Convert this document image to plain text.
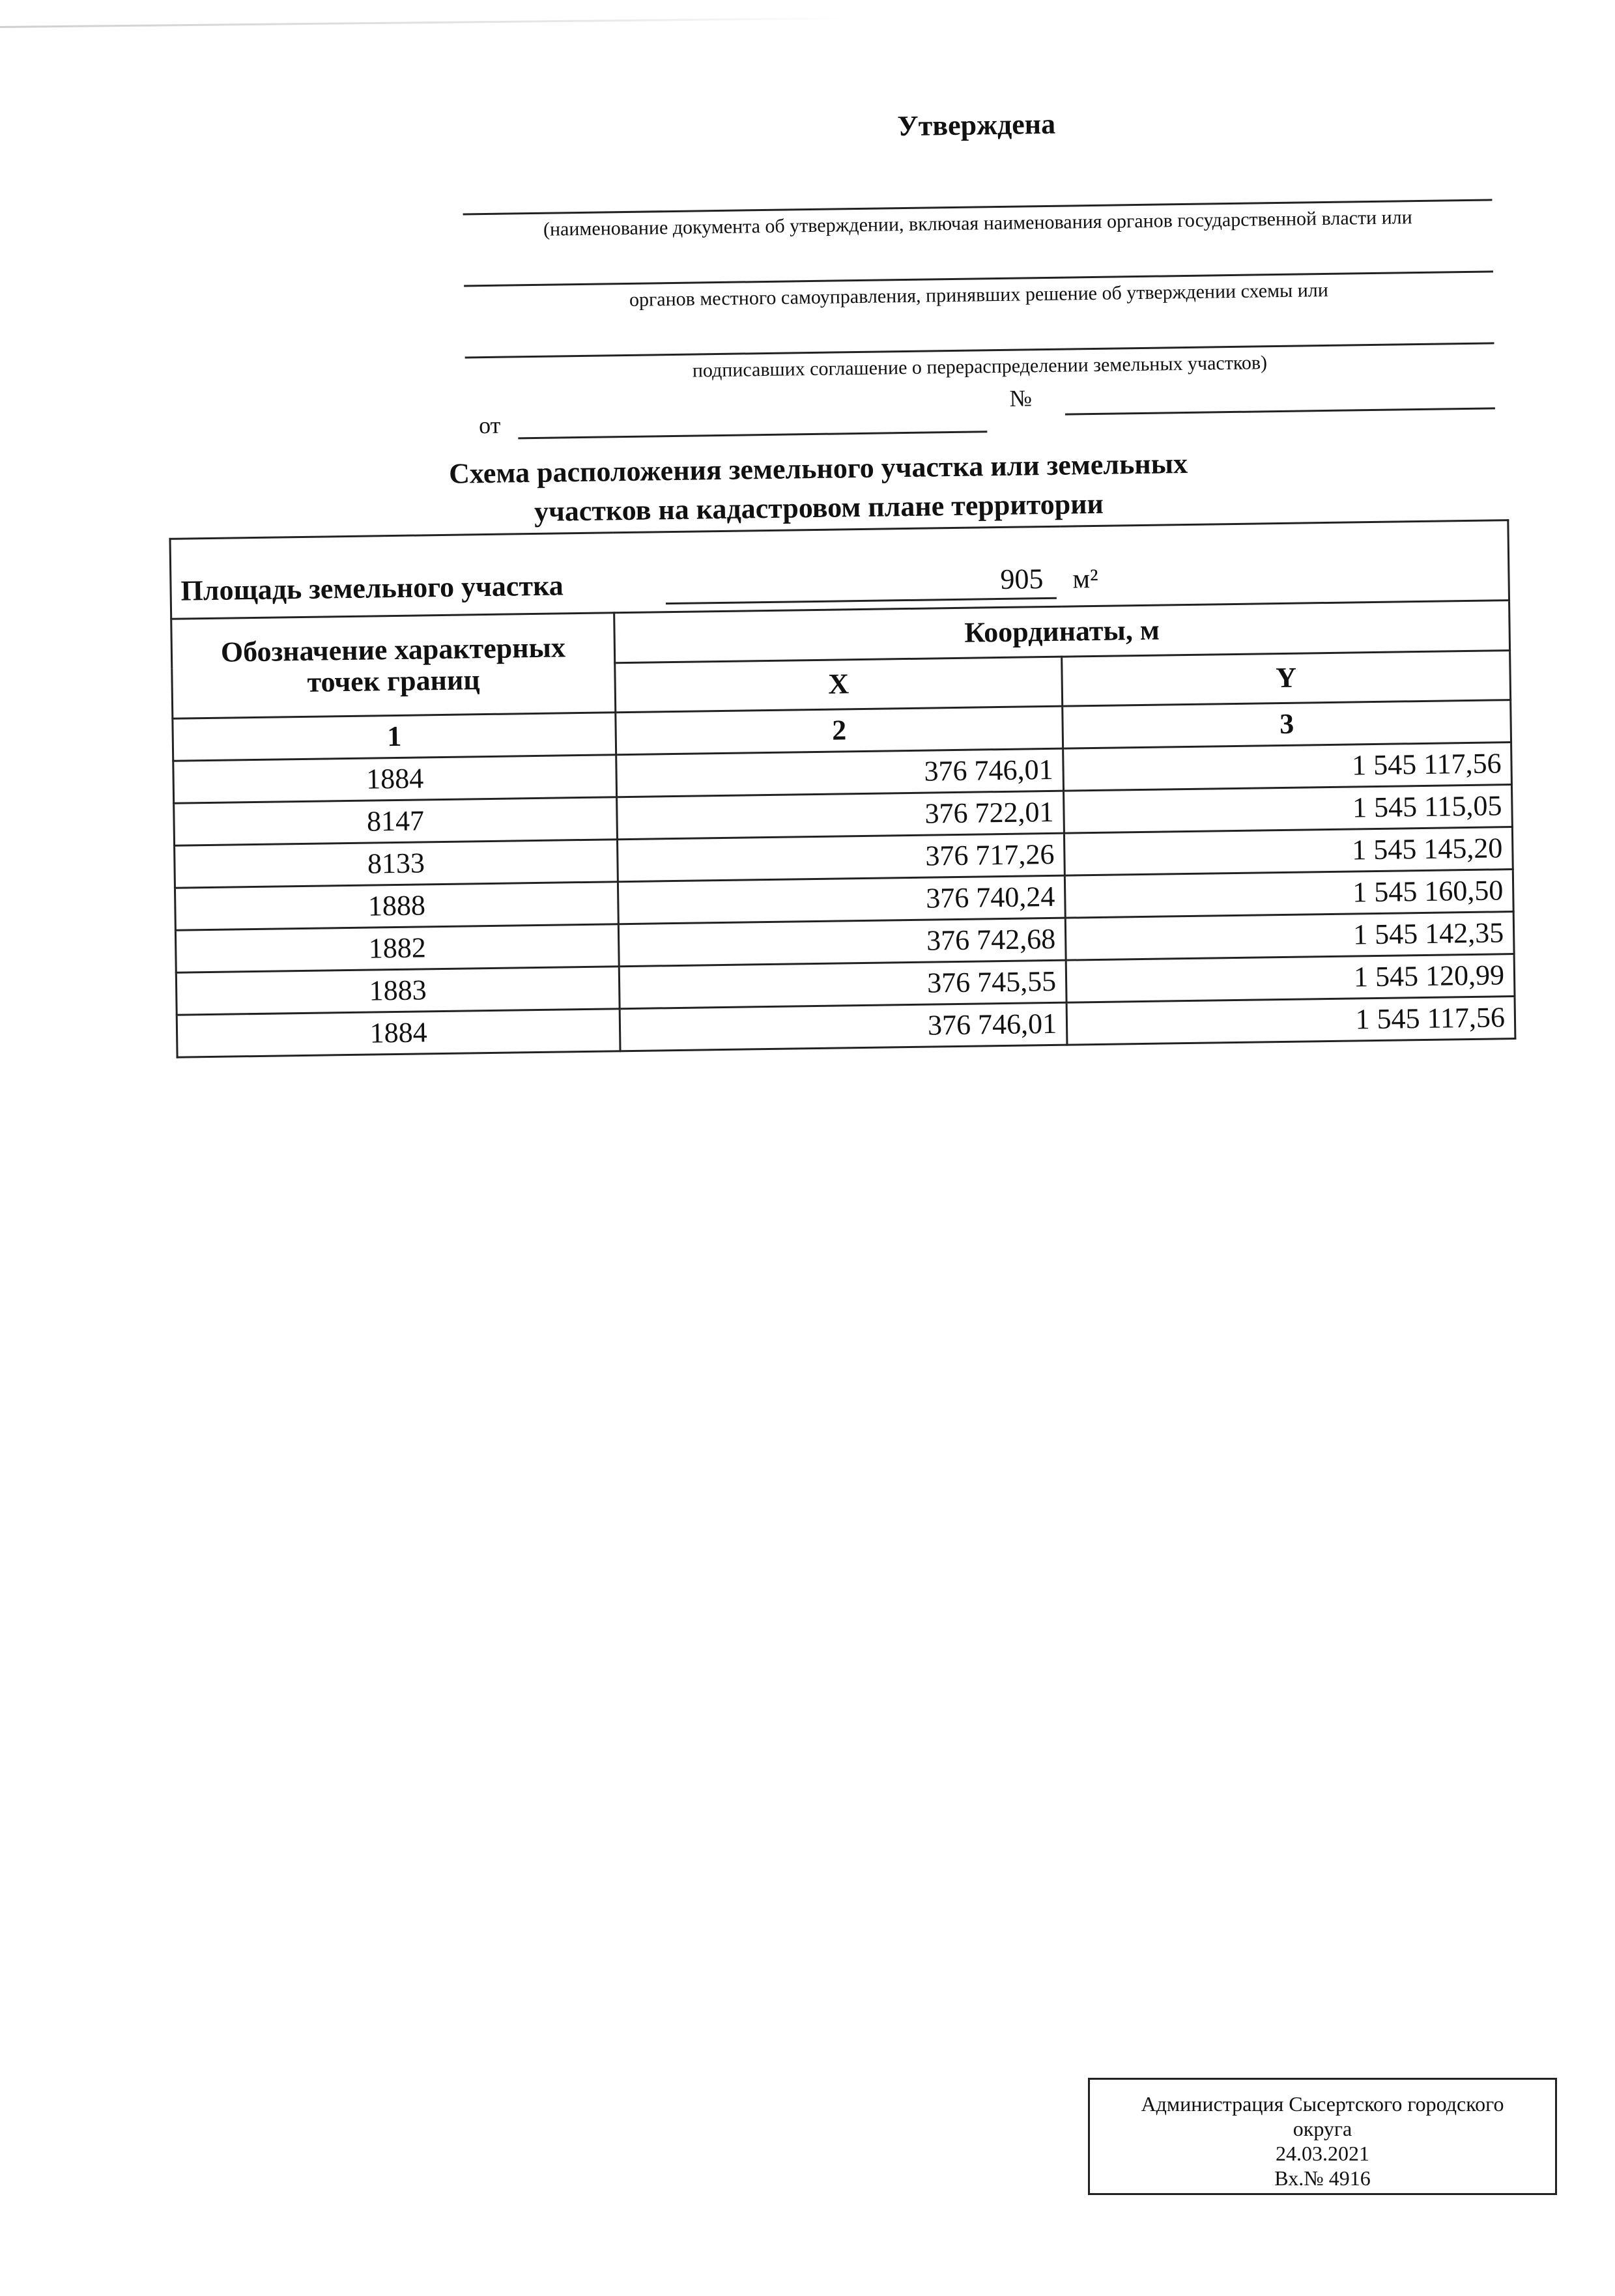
Утверждена
(наименование документа об утверждении, включая наименования органов государственной власти или
органов местного самоуправления, принявших решение об утверждении схемы или
подписавших соглашение о перераспределении земельных участков)
от
№
Схема расположения земельного участка или земельных
участков на кадастровом плане территории
Площадь земельного участка 905 м²		
Обозначение характерных точек границ	Координаты, м	
	X	Y
1	2	3
1884	376 746,01	1 545 117,56
8147	376 722,01	1 545 115,05
8133	376 717,26	1 545 145,20
1888	376 740,24	1 545 160,50
1882	376 742,68	1 545 142,35
1883	376 745,55	1 545 120,99
1884	376 746,01	1 545 117,56
Администрация Сысертского городского
округа
24.03.2021
Вх.№ 4916
